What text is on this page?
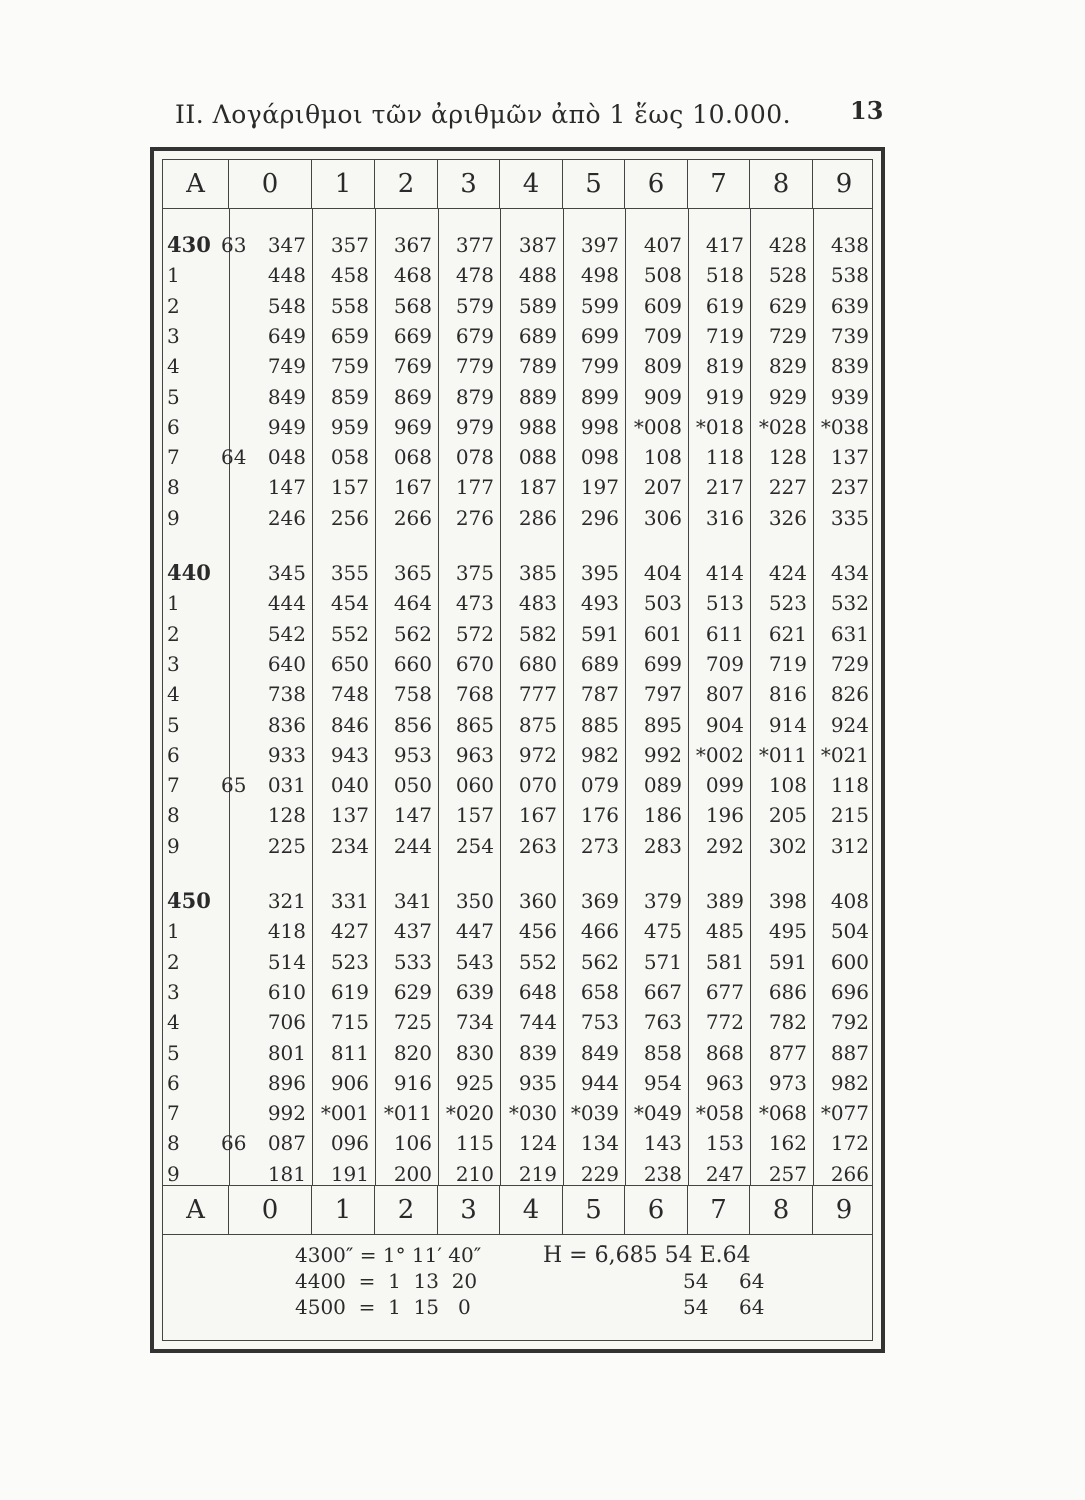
II. Λογάριθμοι τῶν ἀριθμῶν ἀπὸ 1 ἕως 10.000. 13
A	0	1	2	3	4	5	6	7	8	9
430 63	347	357	367	377	387	397	407	417	428	438
1	448	458	468	478	488	498	508	518	528	538
2	548	558	568	579	589	599	609	619	629	639
3	649	659	669	679	689	699	709	719	729	739
4	749	759	769	779	789	799	809	819	829	839
5	849	859	869	879	889	899	909	919	929	939
6	949	959	969	979	988	998 *008 *018 *028 *038
7 64	048	058	068	078	088	098	108	118	128	137
8	147	157	167	177	187	197	207	217	227	237
9	246	256	266	276	286	296	306	316	326	335
440	345	355	365	375	385	395	404	414	424	434
1	444	454	464	473	483	493	503	513	523	532
2	542	552	562	572	582	591	601	611	621	631
3	640	650	660	670	680	689	699	709	719	729
4	738	748	758	768	777	787	797	807	816	826
5	836	846	856	865	875	885	895	904	914	924
6	933	943	953	963	972	982	992 *002 *011 *021
7 65	031	040	050	060	070	079	089	099	108	118
8	128	137	147	157	167	176	186	196	205	215
9	225	234	244	254	263	273	283	292	302	312
450	321	331	341	350	360	369	379	389	398	408
1	418	427	437	447	456	466	475	485	495	504
2	514	523	533	543	552	562	571	581	591	600
3	610	619	629	639	648	658	667	677	686	696
4	706	715	725	734	744	753	763	772	782	792
5	801	811	820	830	839	849	858	868	877	887
6	896	906	916	925	935	944	954	963	973	982
7	992 *001 *011 *020 *030 *039 *049 *058 *068 *077
8 66	087	096	106	115	124	134	143	153	162	172
9	181	191	200	210	219	229	238	247	257	266
A	0	1	2	3	4	5	6	7	8	9
4300″ = 1° 11′ 40″
4400  =  1  13  20
4500  =  1  15   0
H = 6̄,685 54 E.64
54 64
54 64
